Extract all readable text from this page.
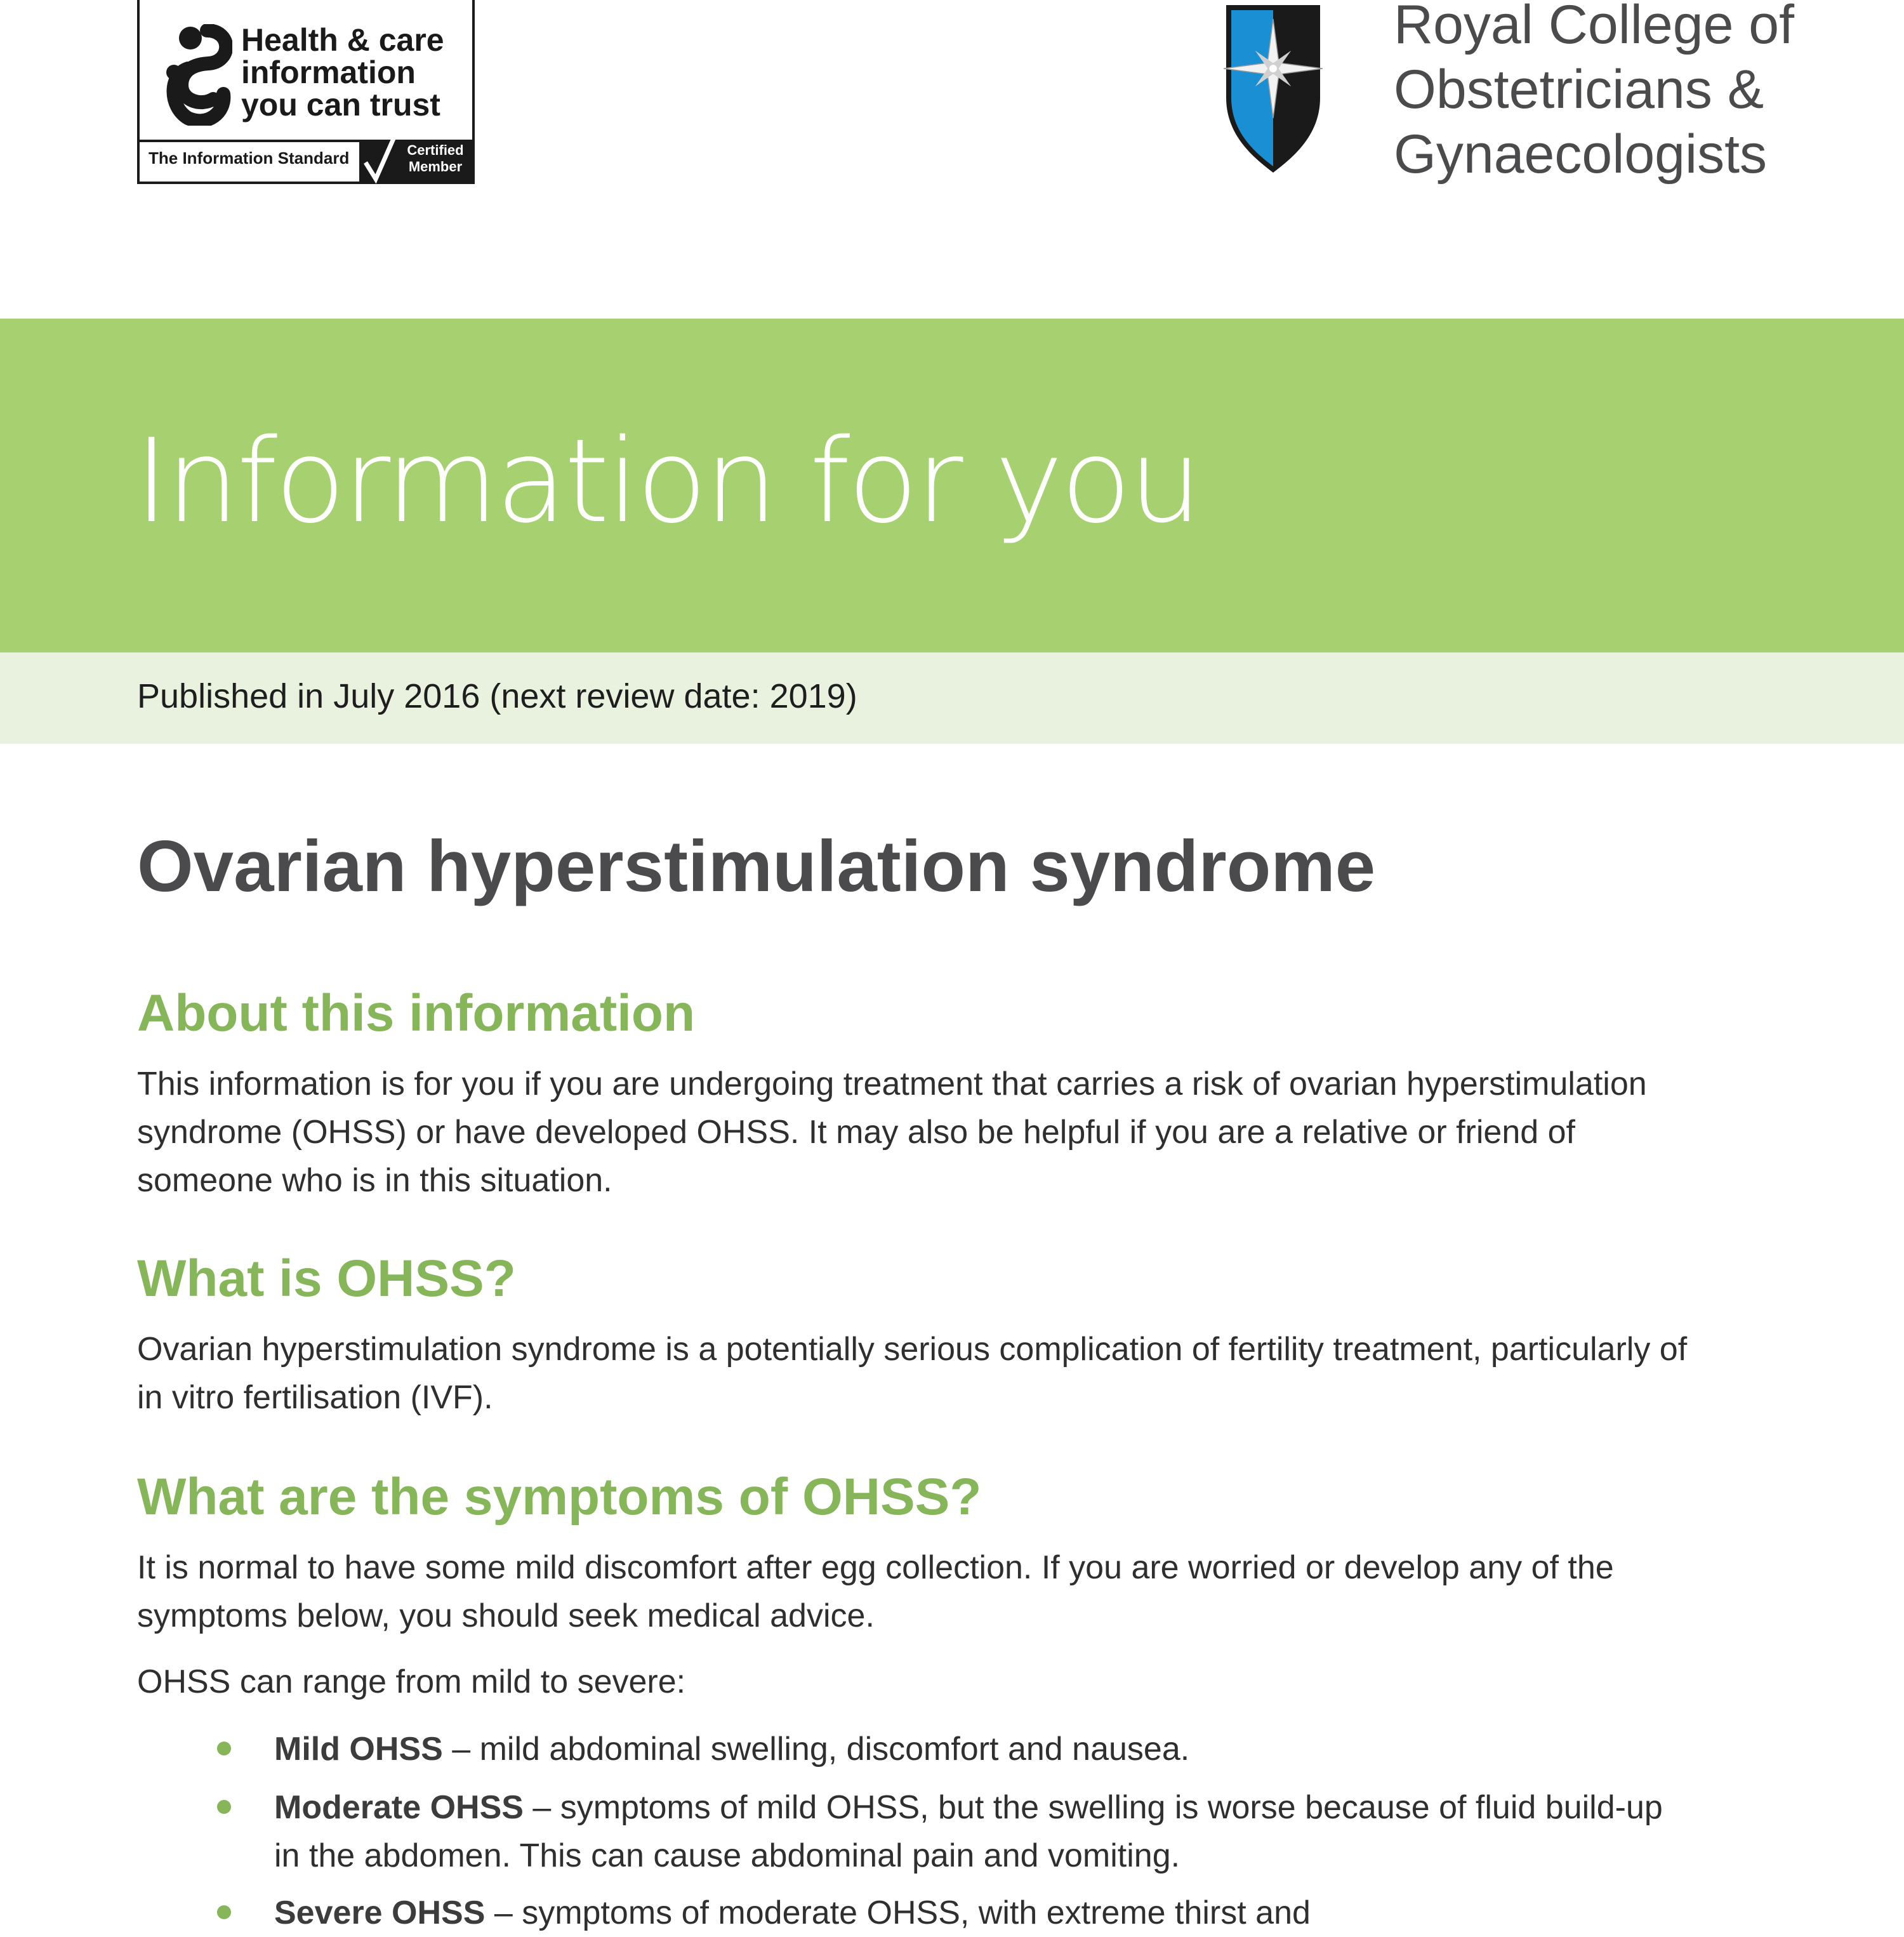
Health & care
information
you can trust

The Information Standard	Certified
Member

Royal College of
Obstetricians &
Gynaecologists

Information for you

Published in July 2016 (next review date: 2019)

Ovarian hyperstimulation syndrome
About this information

This information is for you if you are undergoing treatment that carries a risk of ovarian hyperstimulation
syndrome (OHSS) or have developed OHSS. It may also be helpful if you are a relative or friend of
someone who is in this situation.

What is OHSS?

Ovarian hyperstimulation syndrome is a potentially serious complication of fertility treatment, particularly of
in vitro fertilisation (IVF).

What are the symptoms of OHSS?

It is normal to have some mild discomfort after egg collection. If you are worried or develop any of the
symptoms below, you should seek medical advice.

OHSS can range from mild to severe:

Mild OHSS – mild abdominal swelling, discomfort and nausea.
Moderate OHSS – symptoms of mild OHSS, but the swelling is worse because of fluid build-up
in the abdomen. This can cause abdominal pain and vomiting.
Severe OHSS – symptoms of moderate OHSS, with extreme thirst and
